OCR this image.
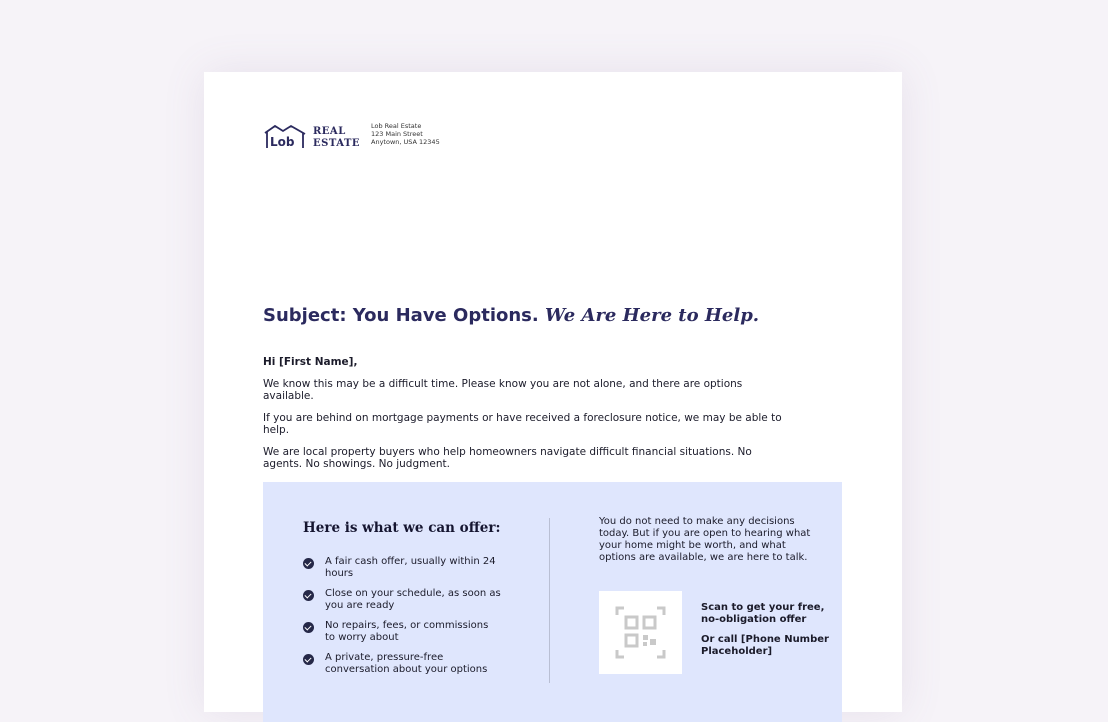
Lob
REAL
ESTATE
Lob Real Estate
123 Main Street
Anytown, USA 12345
Subject: You Have Options. We Are Here to Help.

Hi [First Name],

We know this may be a difficult time. Please know you are not alone, and there are options available.

If you are behind on mortgage payments or have received a foreclosure notice, we may be able to help.

We are local property buyers who help homeowners navigate difficult financial situations. No agents. No showings. No judgment.

Here is what we can offer:
A fair cash offer, usually within 24 hours
Close on your schedule, as soon as you are ready
No repairs, fees, or commissions to worry about
A private, pressure-free conversation about your options
You do not need to make any decisions today. But if you are open to hearing what your home might be worth, and what options are available, we are here to talk.

Scan to get your free, no-obligation offer

Or call [Phone Number Placeholder]
